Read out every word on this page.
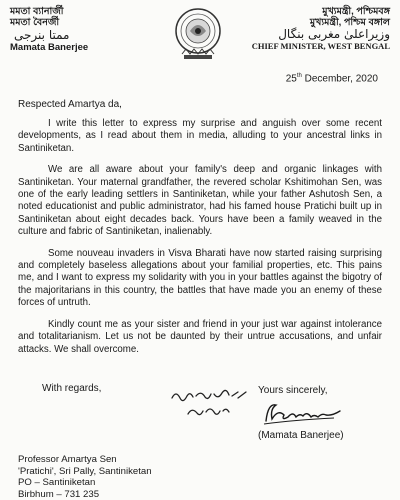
মমতা ব্যানার্জী
মমতা বৈনর্জী
ممتا بنرجی
Mamata Banerjee
মুখ্যমন্ত্রী, পশ্চিমবঙ্গ
মুখ্যমন্ত্রী, পশ্চিম বঙ্গাল
وزیراعلیٰ مغربی بنگال
CHIEF MINISTER, WEST BENGAL
25th December, 2020
Respected Amartya da,

I write this letter to express my surprise and anguish over some recent developments, as I read about them in media, alluding to your ancestral links in Santiniketan.

We are all aware about your family's deep and organic linkages with Santiniketan. Your maternal grandfather, the revered scholar Kshitimohan Sen, was one of the early leading settlers in Santiniketan, while your father Ashutosh Sen, a noted educationist and public administrator, had his famed house Pratichi built up in Santiniketan about eight decades back. Yours have been a family weaved in the culture and fabric of Santiniketan, inalienably.

Some nouveau invaders in Visva Bharati have now started raising surprising and completely baseless allegations about your familial properties, etc. This pains me, and I want to express my solidarity with you in your battles against the bigotry of the majoritarians in this country, the battles that have made you an enemy of these forces of untruth.

Kindly count me as your sister and friend in your just war against intolerance and totalitarianism. Let us not be daunted by their untrue accusations, and unfair attacks. We shall overcome.

With regards,	Yours sincerely,
(Mamata Banerjee)
Professor Amartya Sen
'Pratichi', Sri Pally, Santiniketan
PO – Santiniketan
Birbhum – 731 235
